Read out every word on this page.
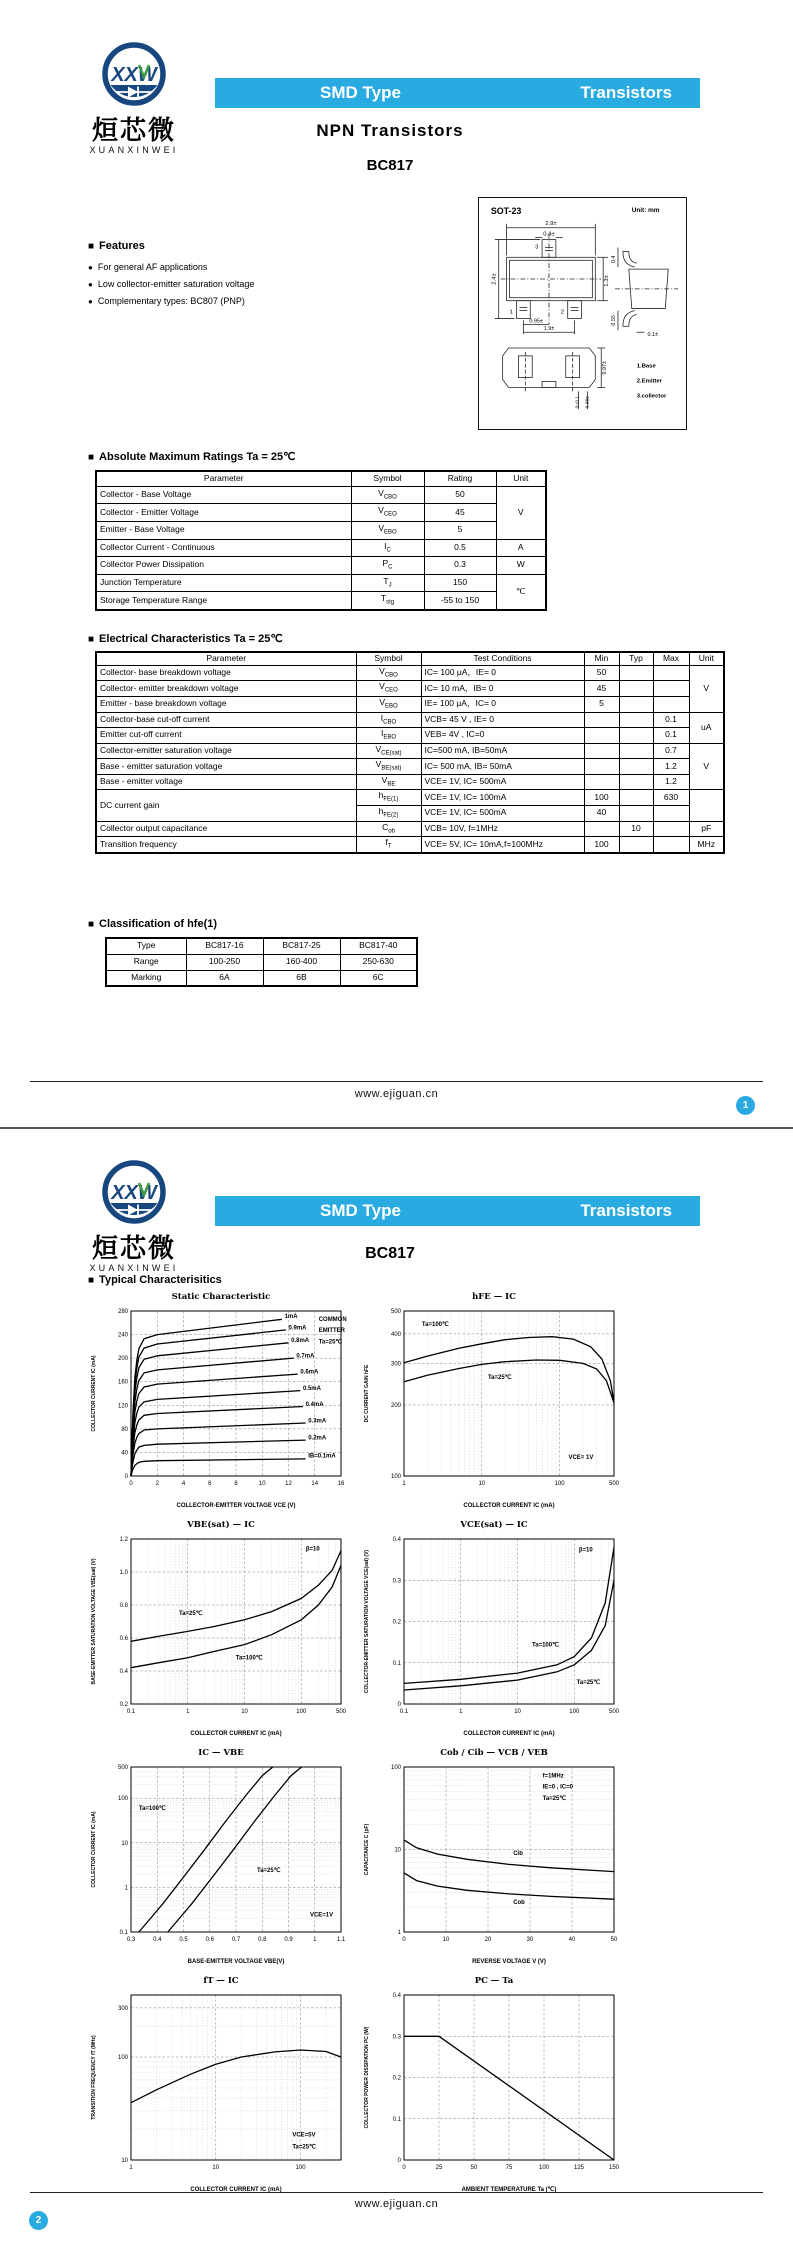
XXW
烜芯微
XUANXINWEI
SMD Type	Transistors
NPN Transistors
BC817
■ Features
● For general AF applications
● Low collector-emitter saturation voltage
● Complementary types: BC807 (PNP)
SOT-23	Unit: mm
2.9±
0.4±
2.4±	1.3±
0.95±
1.9±
0.97±
0~0.1 0.38±
0.4
0.55
0.1±
3
1	2
1.Base
2.Emitter
3.collector
■ Absolute Maximum Ratings Ta = 25℃
Parameter	Symbol	Rating	Unit
Collector - Base Voltage	$V_{CBO}$	50	V
Collector - Emitter Voltage	$V_{CEO}$	45	
Emitter - Base Voltage	$V_{EBO}$	5	
Collector Current - Continuous	$I_C$	0.5	A
Collector Power Dissipation	$P_C$	0.3	W
Junction Temperature	$T_J$	150	℃
Storage Temperature Range	$T_{stg}$	-55 to 150	
■ Electrical Characteristics Ta = 25℃
Parameter	Symbol	Test Conditions	Min	Typ	Max	Unit
Collector- base breakdown voltage	$V_{CBO}$	IC= 100 μA，IE= 0	50			V
Collector- emitter breakdown voltage	$V_{CEO}$	IC= 10 mA，IB= 0	45			
Emitter - base breakdown voltage	$V_{EBO}$	IE= 100 μA，IC= 0	5			
Collector-base cut-off current	$I_{CBO}$	VCB= 45 V , IE= 0			0.1	uA
Emitter cut-off current	$I_{EBO}$	VEB= 4V , IC=0			0.1	
Collector-emitter saturation voltage	$V_{CE(sat)}$	IC=500 mA, IB=50mA			0.7	V
Base - emitter saturation voltage	$V_{BE(sat)}$	IC= 500 mA, IB= 50mA			1.2	
Base - emitter voltage	$V_{BE}$	VCE= 1V, IC= 500mA			1.2	
DC current gain	$h_{FE(1)}$	VCE= 1V, IC= 100mA	100		630	
	$h_{FE(2)}$	VCE= 1V, IC= 500mA	40			
Collector output capacitance	$C_{ob}$	VCB= 10V, f=1MHz		10		pF
Transition frequency	$f_T$	VCE= 5V, IC= 10mA,f=100MHz	100			MHz
■ Classification of hfe(1)
Type	BC817-16	BC817-25	BC817-40
Range	100-250	160-400	250-630
Marking	6A	6B	6C
www.ejiguan.cn
1
XXW
烜芯微
XUANXINWEI
SMD Type	Transistors
BC817
■ Typical Characterisitics
Static Characteristic
0	2	4	6	8	10	12	14	16
0
40
80
120
160
200
240
280
1mA
0.9mA
0.8mA
0.7mA
0.6mA
0.5mA
0.4mA
0.3mA
0.2mA
IB=0.1mA
COMMON
EMITTER
Ta=25℃
COLLECTOR-EMITTER VOLTAGE VCE (V)
COLLECTOR CURRENT IC (mA)
hFE — IC
1	10	100	500
100
200
300
400
500
Ta=100℃
Ta=25℃
VCE= 1V
COLLECTOR CURRENT IC (mA)
DC CURRENT GAIN hFE
VBE(sat) — IC
0.1	1	10	100	500
0.2
0.4
0.6
0.8
1.0
1.2
β=10
Ta=25℃
Ta=100℃
COLLECTOR CURRENT IC (mA)
BASE-EMITTER SATURATION VOLTAGE VBE(sat) (V)
VCE(sat) — IC
0.1	1	10	100	500
0
0.1
0.2
0.3
0.4
β=10
Ta=100℃
Ta=25℃
COLLECTOR CURRENT IC (mA)
COLLECTOR-EMITTER SATURATION VOLTAGE VCE(sat) (V)
IC — VBE
0.3	0.4	0.5	0.6	0.7	0.8	0.9	1	1.1
0.1
1
10
100
500
Ta=100℃
Ta=25℃
VCE=1V
BASE-EMITTER VOLTAGE VBE(V)
COLLECTOR CURRENT IC (mA)
Cob / Cib — VCB / VEB
0	10	20	30	40	50
1
10
100
Cib
Cob
f=1MHz
IE=0 , IC=0
Ta=25℃
REVERSE VOLTAGE V (V)
CAPACITANCE C (pF)
fT — IC
1	10	100
10
100
300
VCE=5V
Ta=25℃
COLLECTOR CURRENT IC (mA)
TRANSITION FREQUENCY fT (MHz)
PC — Ta
0	25	50	75	100	125	150
0
0.1
0.2
0.3
0.4
AMBIENT TEMPERATURE Ta (℃)
COLLECTOR POWER DISSIPATION PC (W)
www.ejiguan.cn
2
